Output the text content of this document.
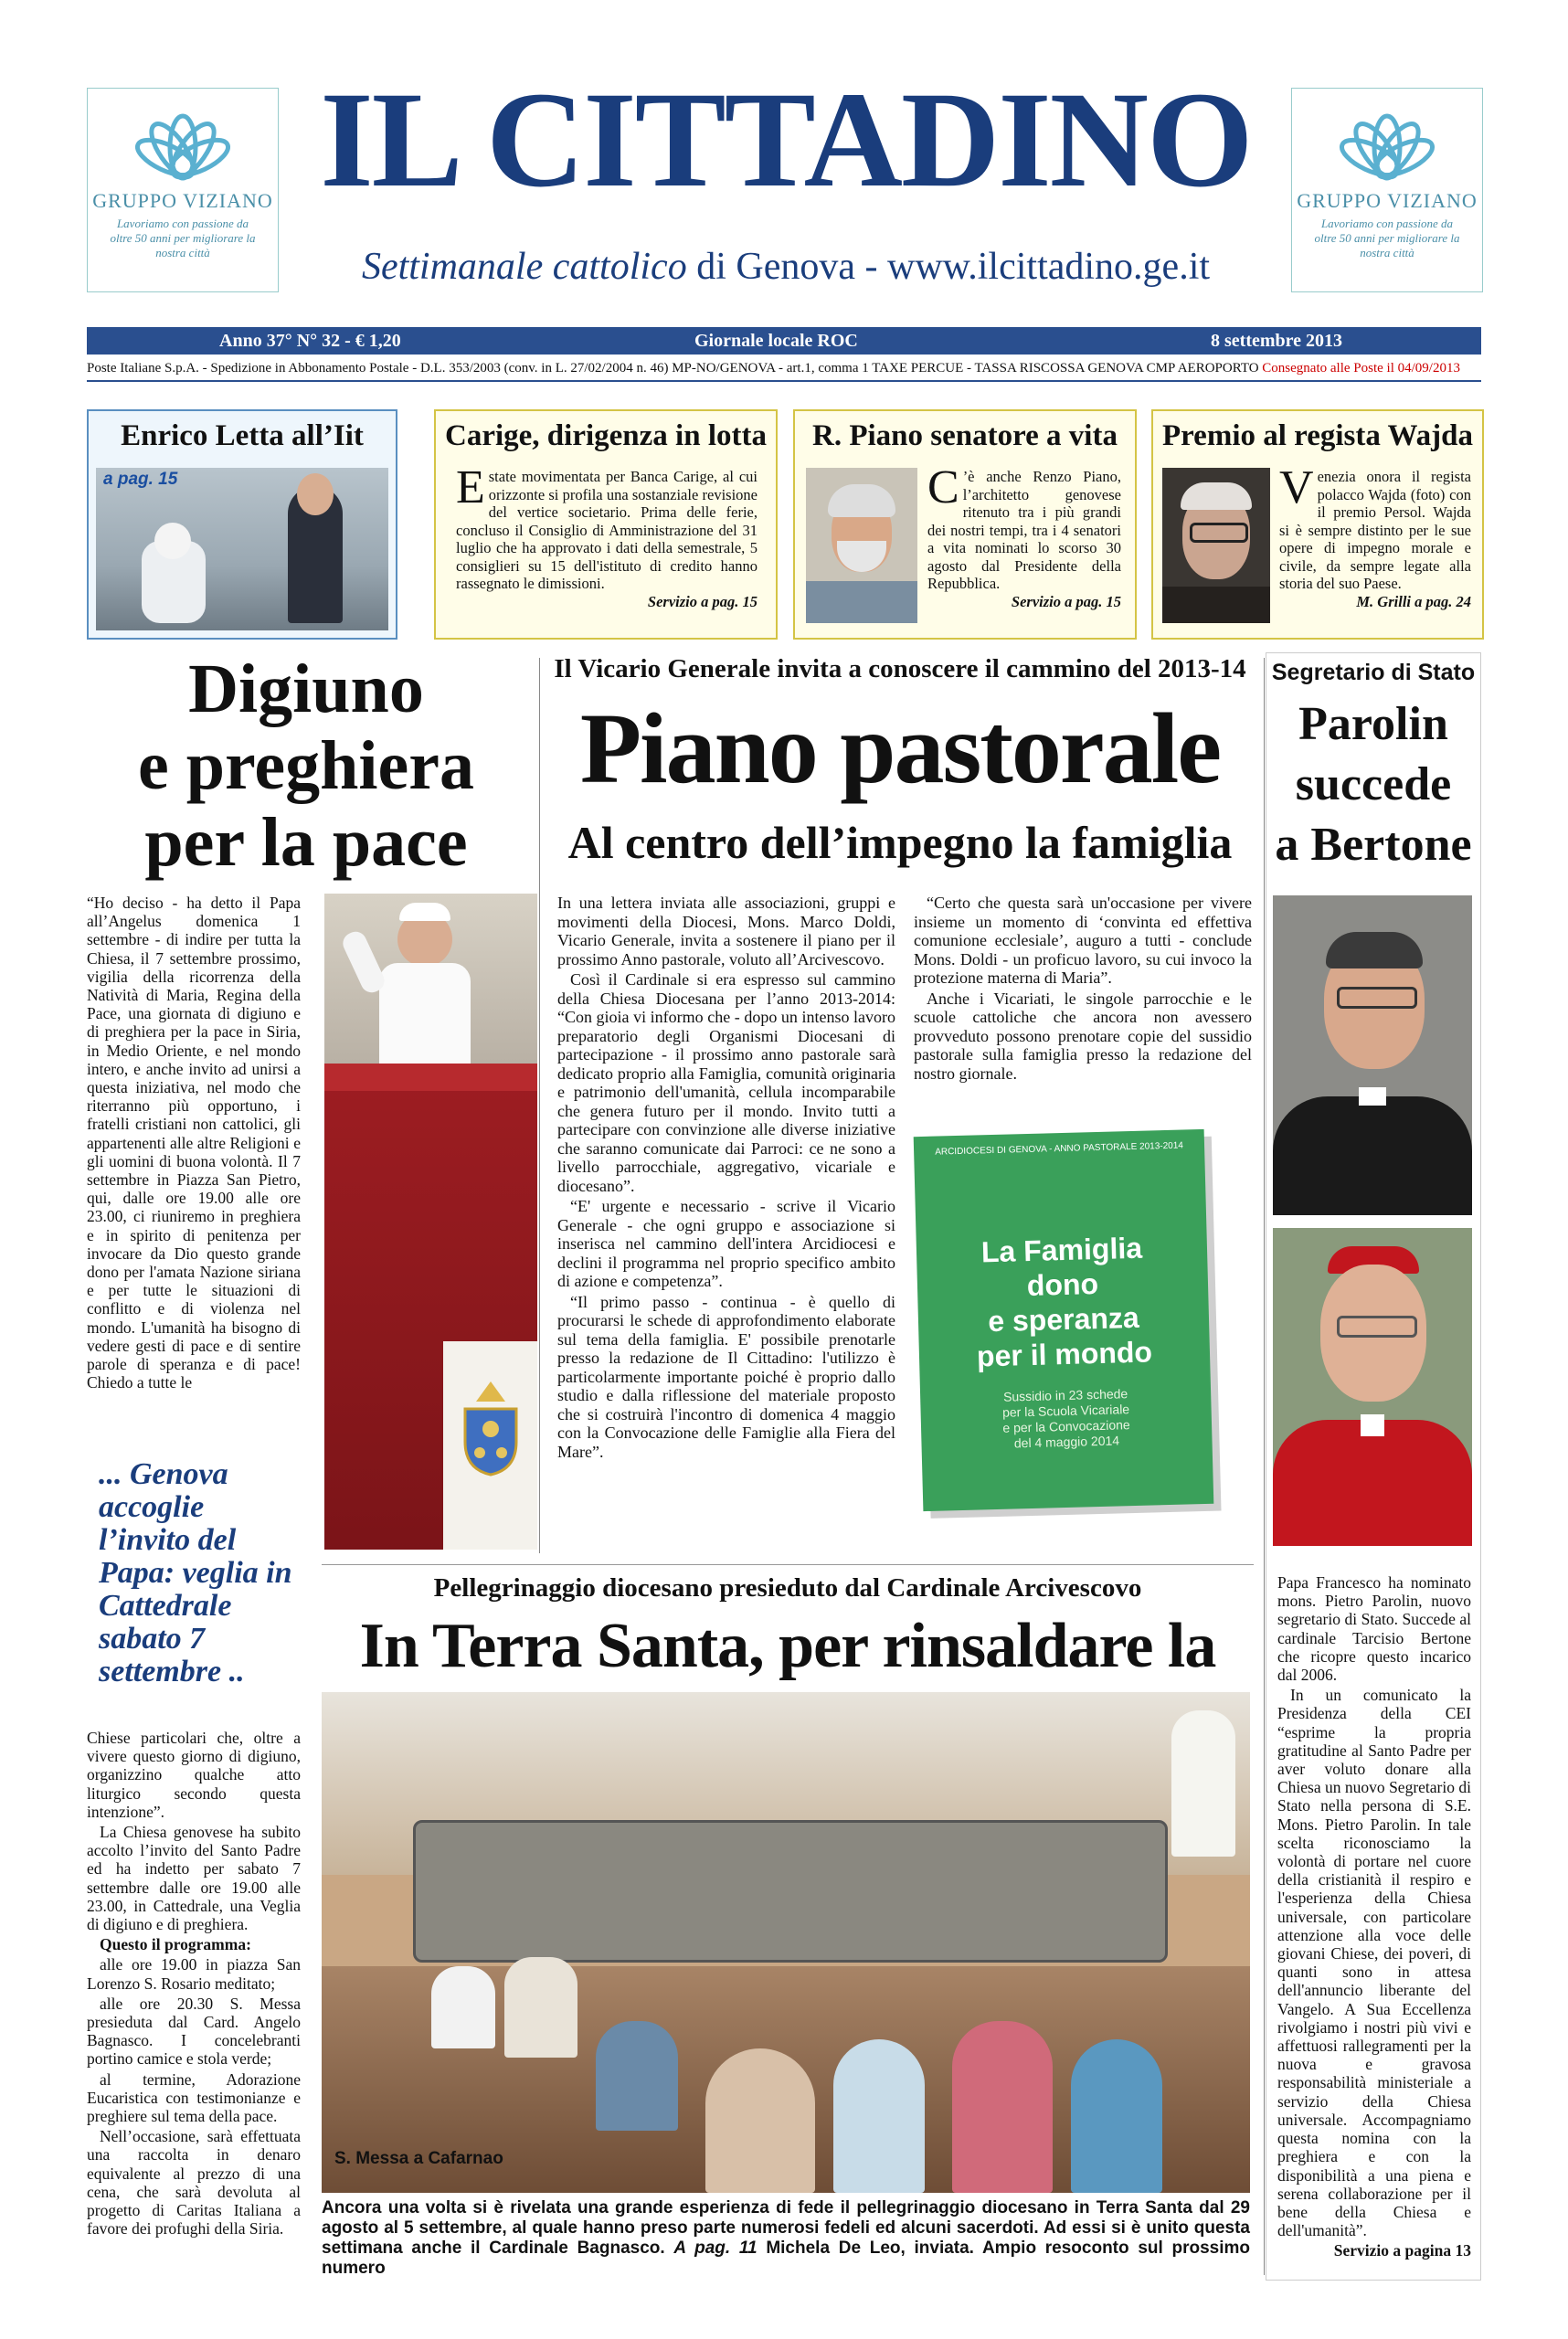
GRUPPO VIZIANO
Lavoriamo con passione da oltre 50 anni per migliorare la nostra città
GRUPPO VIZIANO
Lavoriamo con passione da oltre 50 anni per migliorare la nostra città
IL CITTADINO
Settimanale cattolico di Genova - www.ilcittadino.ge.it
Anno 37° N° 32 - € 1,20	Giornale locale ROC	8 settembre 2013
Poste Italiane S.p.A. - Spedizione in Abbonamento Postale - D.L. 353/2003 (conv. in L. 27/02/2004 n. 46) MP-NO/GENOVA - art.1, comma 1 TAXE PERCUE - TASSA RISCOSSA GENOVA CMP AEROPORTO Consegnato alle Poste il 04/09/2013
Enrico Letta all’Iit
a pag. 15
Carige, dirigenza in lotta
E state movimentata per Banca Carige, al cui orizzonte si profila una sostanziale revisione del vertice societario. Prima delle ferie, concluso il Consiglio di Amministrazione del 31 luglio che ha approvato i dati della semestrale, 5 consiglieri su 15 dell'istituto di credito hanno rassegnato le dimissioni.
Servizio a pag. 15
R. Piano senatore a vita
C ’è anche Renzo Piano, l’architetto genovese ritenuto tra i più grandi dei nostri tempi, tra i 4 senatori a vita nominati lo scorso 30 agosto dal Presidente della Repubblica.
Servizio a pag. 15
Premio al regista Wajda
V enezia onora il regista polacco Wajda (foto) con il premio Persol. Wajda si è sempre distinto per le sue opere di impegno morale e civile, da sempre legate alla storia del suo Paese.
M. Grilli a pag. 24
Digiuno
e preghiera
per la pace

“Ho deciso - ha detto il Papa all’Angelus domenica 1 settembre - di indire per tutta la Chiesa, il 7 settembre prossimo, vigilia della ricorrenza della Natività di Maria, Regina della Pace, una giornata di digiuno e di preghiera per la pace in Siria, in Medio Oriente, e nel mondo intero, e anche invito ad unirsi a questa iniziativa, nel modo che riterranno più opportuno, i fratelli cristiani non cattolici, gli appartenenti alle altre Religioni e gli uomini di buona volontà. Il 7 settembre in Piazza San Pietro, qui, dalle ore 19.00 alle ore 23.00, ci riuniremo in preghiera e in spirito di penitenza per invocare da Dio questo grande dono per l'amata Nazione siriana e per tutte le situazioni di conflitto e di violenza nel mondo. L'umanità ha bisogno di vedere gesti di pace e di sentire parole di speranza e di pace! Chiedo a tutte le

... Genova accoglie l’invito del Papa: veglia in Cattedrale sabato 7 settembre ..

Chiese particolari che, oltre a vivere questo giorno di digiuno, organizzino qualche atto liturgico secondo questa intenzione”.

La Chiesa genovese ha subito accolto l’invito del Santo Padre ed ha indetto per sabato 7 settembre dalle ore 19.00 alle 23.00, in Cattedrale, una Veglia di digiuno e di preghiera.

Questo il programma:

alle ore 19.00 in piazza San Lorenzo S. Rosario meditato;

alle ore 20.30 S. Messa presieduta dal Card. Angelo Bagnasco. I concelebranti portino camice e stola verde;

al termine, Adorazione Eucaristica con testimonianze e preghiere sul tema della pace.

Nell’occasione, sarà effettuata una raccolta in denaro equivalente al prezzo di una cena, che sarà devoluta al progetto di Caritas Italiana a favore dei profughi della Siria.

Il Vicario Generale invita a conoscere il cammino del 2013-14
Piano pastorale
Al centro dell’impegno la famiglia

In una lettera inviata alle associazioni, gruppi e movimenti della Diocesi, Mons. Marco Doldi, Vicario Generale, invita a sostenere il piano per il prossimo Anno pastorale, voluto all’Arcivescovo.

Così il Cardinale si era espresso sul cammino della Chiesa Diocesana per l’anno 2013-2014: “Con gioia vi informo che - dopo un intenso lavoro preparatorio degli Organismi Diocesani di partecipazione - il prossimo anno pastorale sarà dedicato proprio alla Famiglia, comunità originaria e patrimonio dell'umanità, cellula incomparabile che genera futuro per il mondo. Invito tutti a partecipare con convinzione alle diverse iniziative che saranno comunicate dai Parroci: ce ne sono a livello parrocchiale, aggregativo, vicariale e diocesano”.

“E' urgente e necessario - scrive il Vicario Generale - che ogni gruppo e associazione si inserisca nel cammino dell'intera Arcidiocesi e declini il programma nel proprio specifico ambito di azione e competenza”.

“Il primo passo - continua - è quello di procurarsi le schede di approfondimento elaborate sul tema della famiglia. E' possibile prenotarle presso la redazione de Il Cittadino: l'utilizzo è particolarmente importante poiché è proprio dallo studio e dalla riflessione del materiale proposto che si costruirà l'incontro di domenica 4 maggio con la Convocazione delle Famiglie alla Fiera del Mare”.

“Certo che questa sarà un'occasione per vivere insieme un momento di ‘convinta ed effettiva comunione ecclesiale’, auguro a tutti - conclude Mons. Doldi - un proficuo lavoro, su cui invoco la protezione materna di Maria”.

Anche i Vicariati, le singole parrocchie e le scuole cattoliche che ancora non avessero provveduto possono prenotare copie del sussidio pastorale sulla famiglia presso la redazione del nostro giornale.

ARCIDIOCESI DI GENOVA - ANNO PASTORALE 2013-2014
La Famiglia
dono
e speranza
per il mondo
Sussidio in 23 schede
per la Scuola Vicariale
e per la Convocazione
del 4 maggio 2014
Segretario di Stato
Parolin
succede
a Bertone

Papa Francesco ha nominato mons. Pietro Parolin, nuovo segretario di Stato. Succede al cardinale Tarcisio Bertone che ricopre questo incarico dal 2006.

In un comunicato la Presidenza della CEI “esprime la propria gratitudine al Santo Padre per aver voluto donare alla Chiesa un nuovo Segretario di Stato nella persona di S.E. Mons. Pietro Parolin. In tale scelta riconosciamo la volontà di portare nel cuore della cristianità il respiro e l'esperienza della Chiesa universale, con particolare attenzione alla voce delle giovani Chiese, dei poveri, di quanti sono in attesa dell'annuncio liberante del Vangelo. A Sua Eccellenza rivolgiamo i nostri più vivi e affettuosi rallegramenti per la nuova e gravosa responsabilità ministeriale a servizio della Chiesa universale. Accompagniamo questa nomina con la preghiera e con la disponibilità a una piena e serena collaborazione per il bene della Chiesa e dell'umanità”.

Servizio a pagina 13

Pellegrinaggio diocesano presieduto dal Cardinale Arcivescovo
In Terra Santa, per rinsaldare la
S. Messa a Cafarnao
Ancora una volta si è rivelata una grande esperienza di fede il pellegrinaggio diocesano in Terra Santa dal 29 agosto al 5 settembre, al quale hanno preso parte numerosi fedeli ed alcuni sacerdoti. Ad essi si è unito questa settimana anche il Cardinale Bagnasco. A pag. 11 Michela De Leo, inviata. Ampio resoconto sul prossimo numero
